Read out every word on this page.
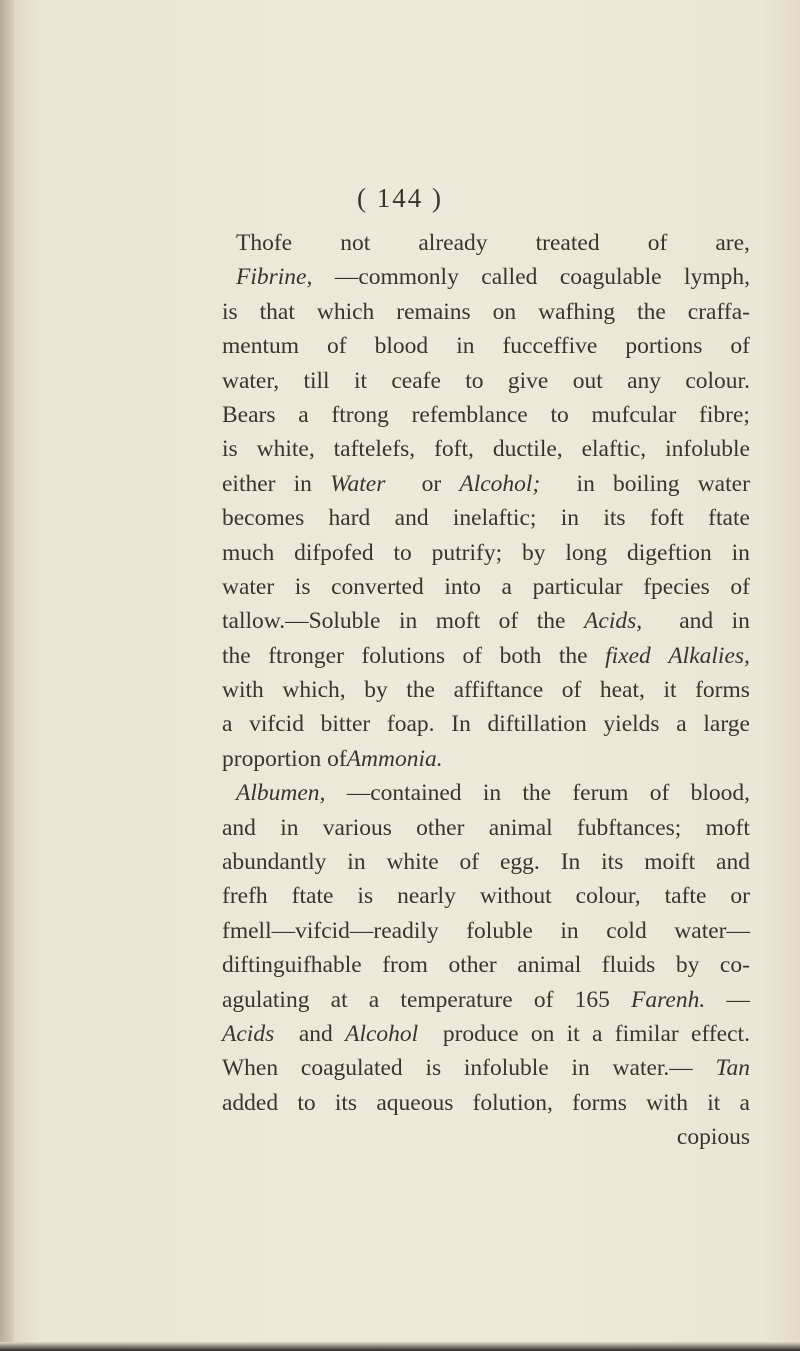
( 144 )
Thofe not already treated of are,
Fibrine, —commonly called coagulable lymph,
is that which remains on wafhing the craffa-
mentum of blood in fucceffive portions of
water, till it ceafe to give out any colour.
Bears a ftrong refemblance to mufcular fibre;
is white, taftelefs, foft, ductile, elaftic, infoluble
either in Water or Alcohol; in boiling water
becomes hard and inelaftic; in its foft ftate
much difpofed to putrify; by long digeftion in
water is converted into a particular fpecies of
tallow.—Soluble in moft of the Acids, and in
the ftronger folutions of both the fixed Alkalies,
with which, by the affiftance of heat, it forms
a vifcid bitter foap. In diftillation yields a large
proportion of Ammonia.
Albumen, —contained in the ferum of blood,
and in various other animal fubftances; moft
abundantly in white of egg. In its moift and
frefh ftate is nearly without colour, tafte or
fmell—vifcid—readily foluble in cold water—
diftinguifhable from other animal fluids by co-
agulating at a temperature of 165 Farenh. —
Acids and Alcohol produce on it a fimilar effect.
When coagulated is infoluble in water.— Tan
added to its aqueous folution, forms with it a
copious
